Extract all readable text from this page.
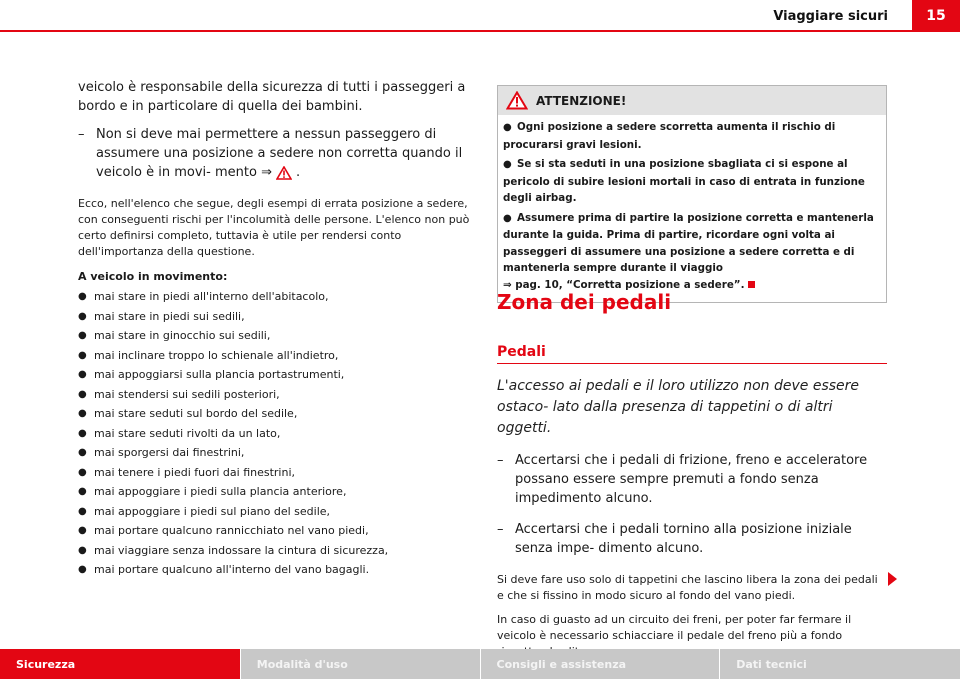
Viaggiare sicuri	15

veicolo è responsabile della sicurezza di tutti i passeggeri a bordo e in particolare di quella dei bambini.

– Non si deve mai permettere a nessun passeggero di assumere una posizione a sedere non corretta quando il veicolo è in movi- mento ⇒ .

Ecco, nell'elenco che segue, degli esempi di errata posizione a sedere, con conseguenti rischi per l'incolumità delle persone. L'elenco non può certo definirsi completo, tuttavia è utile per rendersi conto dell'importanza della questione.

A veicolo in movimento:

● mai stare in piedi all'interno dell'abitacolo,
● mai stare in piedi sui sedili,
● mai stare in ginocchio sui sedili,
● mai inclinare troppo lo schienale all'indietro,
● mai appoggiarsi sulla plancia portastrumenti,
● mai stendersi sui sedili posteriori,
● mai stare seduti sul bordo del sedile,
● mai stare seduti rivolti da un lato,
● mai sporgersi dai finestrini,
● mai tenere i piedi fuori dai finestrini,
● mai appoggiare i piedi sulla plancia anteriore,
● mai appoggiare i piedi sul piano del sedile,
● mai portare qualcuno rannicchiato nel vano piedi,
● mai viaggiare senza indossare la cintura di sicurezza,
● mai portare qualcuno all'interno del vano bagagli.
ATTENZIONE!

● Ogni posizione a sedere scorretta aumenta il rischio di procurarsi gravi lesioni.

● Se si sta seduti in una posizione sbagliata ci si espone al pericolo di subire lesioni mortali in caso di entrata in funzione degli airbag.

● Assumere prima di partire la posizione corretta e mantenerla durante la guida. Prima di partire, ricordare ogni volta ai passeggeri di assumere una posizione a sedere corretta e di mantenerla sempre durante il viaggio
⇒ pag. 10, “Corretta posizione a sedere”.

Zona dei pedali
Pedali

L'accesso ai pedali e il loro utilizzo non deve essere ostaco- lato dalla presenza di tappetini o di altri oggetti.

– Accertarsi che i pedali di frizione, freno e acceleratore possano essere sempre premuti a fondo senza impedimento alcuno.
– Accertarsi che i pedali tornino alla posizione iniziale senza impe- dimento alcuno.

Si deve fare uso solo di tappetini che lascino libera la zona dei pedali e che si fissino in modo sicuro al fondo del vano piedi.

In caso di guasto ad un circuito dei freni, per poter far fermare il veicolo è necessario schiacciare il pedale del freno più a fondo

Sicurezza	Modalità d'uso	Consigli e assistenza	Dati tecnici
